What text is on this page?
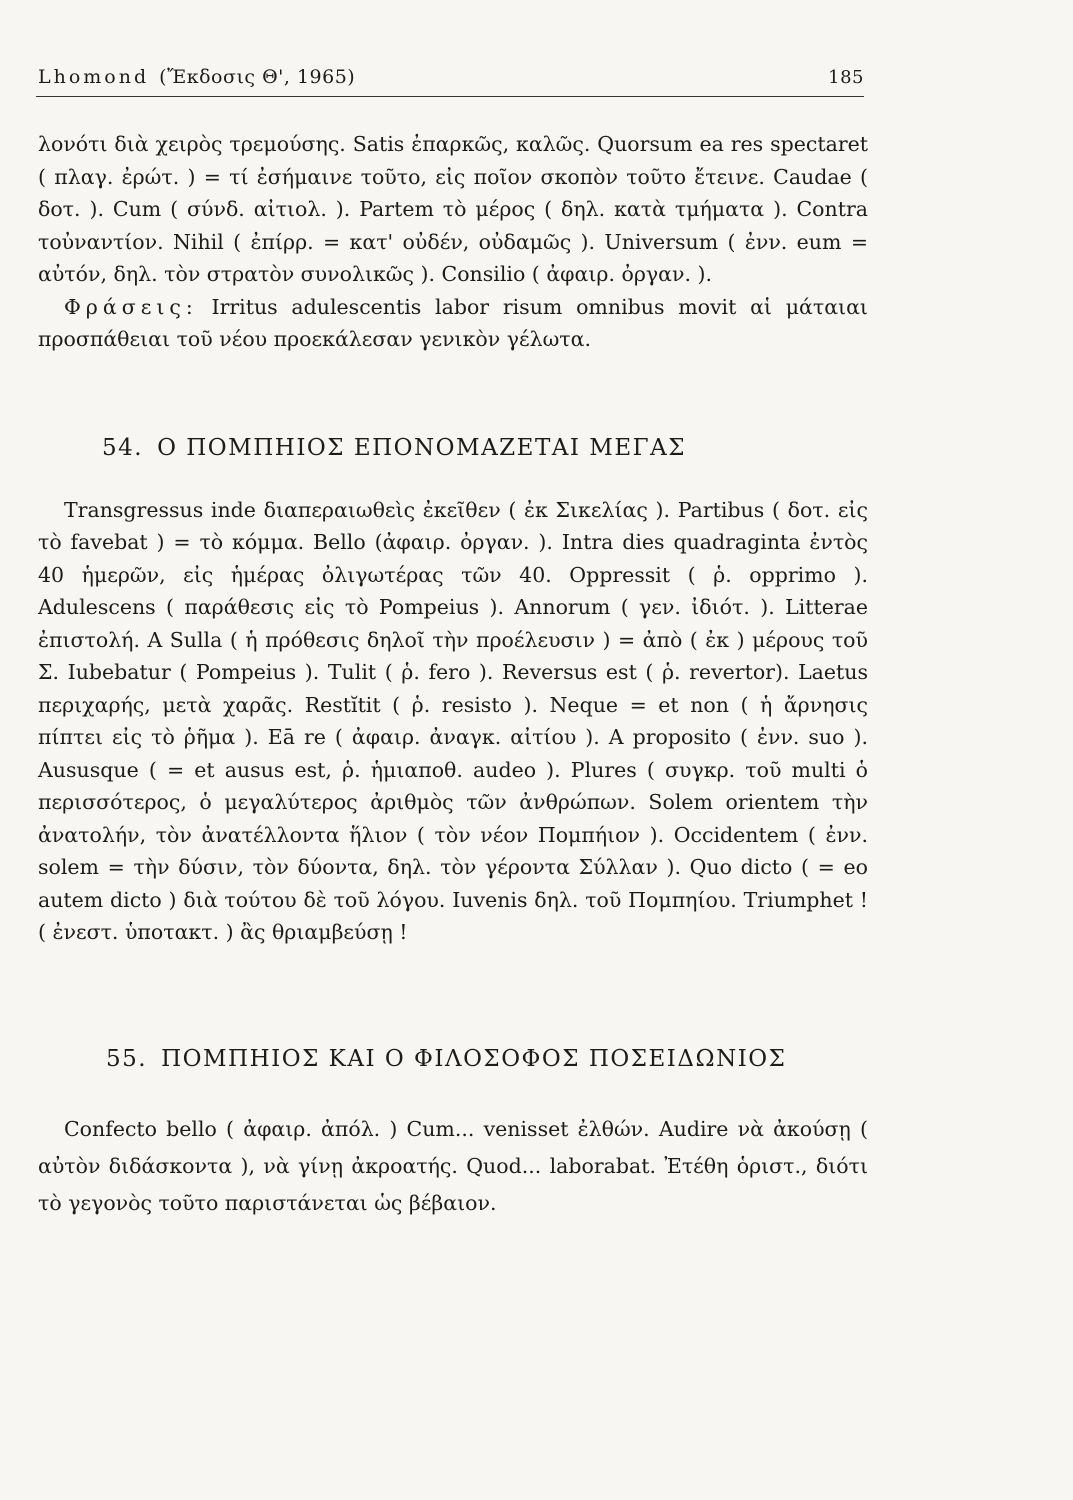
Lhomond (Ἔκδοσις Θ', 1965)	185

λονότι διὰ χειρὸς τρεμούσης. Satis ἐπαρκῶς, καλῶς. Quorsum ea res spectaret ( πλαγ. ἐρώτ. ) = τί ἐσήμαινε τοῦτο, εἰς ποῖον σκοπὸν τοῦτο ἔτεινε. Caudae ( δοτ. ). Cum ( σύνδ. αἰτιολ. ). Partem τὸ μέρος ( δηλ. κατὰ τμήματα ). Contra τοὐναντίον. Nihil ( ἐπίρρ. = κατ' οὐδέν, οὐδαμῶς ). Universum ( ἐνν. eum = αὐτόν, δηλ. τὸν στρατὸν συνολικῶς ). Consilio ( ἀφαιρ. ὀργαν. ).

Φράσεις: Irritus adulescentis labor risum omnibus movit αἱ μάταιαι προσπάθειαι τοῦ νέου προεκάλεσαν γενικὸν γέλωτα.

54. Ο ΠΟΜΠΗΙΟΣ ΕΠΟΝΟΜΑΖΕΤΑΙ ΜΕΓΑΣ

Transgressus inde διαπεραιωθεὶς ἐκεῖθεν ( ἐκ Σικελίας ). Partibus ( δοτ. εἰς τὸ favebat ) = τὸ κόμμα. Bello (ἀφαιρ. ὀργαν. ). Intra dies quadraginta ἐντὸς 40 ἡμερῶν, εἰς ἡμέρας ὀλιγωτέρας τῶν 40. Oppressit ( ῥ. opprimo ). Adulescens ( παράθεσις εἰς τὸ Pompeius ). Annorum ( γεν. ἰδιότ. ). Litterae ἐπιστολή. A Sulla ( ἡ πρόθεσις δηλοῖ τὴν προέλευσιν ) = ἀπὸ ( ἐκ ) μέρους τοῦ Σ. Iubebatur ( Pompeius ). Tulit ( ῥ. fero ). Reversus est ( ῥ. revertor). Laetus περιχαρής, μετὰ χαρᾶς. Restĭtit ( ῥ. resisto ). Neque = et non ( ἡ ἄρνησις πίπτει εἰς τὸ ῥῆμα ). Eā re ( ἀφαιρ. ἀναγκ. αἰτίου ). A proposito ( ἐνν. suo ). Aususque ( = et ausus est, ῥ. ἡμιαποθ. audeo ). Plures ( συγκρ. τοῦ multi ὁ περισσότερος, ὁ μεγαλύτερος ἀριθμὸς τῶν ἀνθρώπων. Solem orientem τὴν ἀνατολήν, τὸν ἀνατέλλοντα ἥλιον ( τὸν νέον Πομπήιον ). Occidentem ( ἐνν. solem = τὴν δύσιν, τὸν δύοντα, δηλ. τὸν γέροντα Σύλλαν ). Quo dicto ( = eo autem dicto ) διὰ τούτου δὲ τοῦ λόγου. Iuvenis δηλ. τοῦ Πομπηίου. Triumphet ! ( ἐνεστ. ὑποτακτ. ) ἂς θριαμβεύσῃ !

55. ΠΟΜΠΗΙΟΣ ΚΑΙ Ο ΦΙΛΟΣΟΦΟΣ ΠΟΣΕΙΔΩΝΙΟΣ

Confecto bello ( ἀφαιρ. ἀπόλ. ) Cum... venisset ἐλθών. Audire νὰ ἀκούσῃ ( αὐτὸν διδάσκοντα ), νὰ γίνῃ ἀκροατής. Quod... laborabat. Ἐτέθη ὁριστ., διότι τὸ γεγονὸς τοῦτο παριστάνεται ὡς βέβαιον.
